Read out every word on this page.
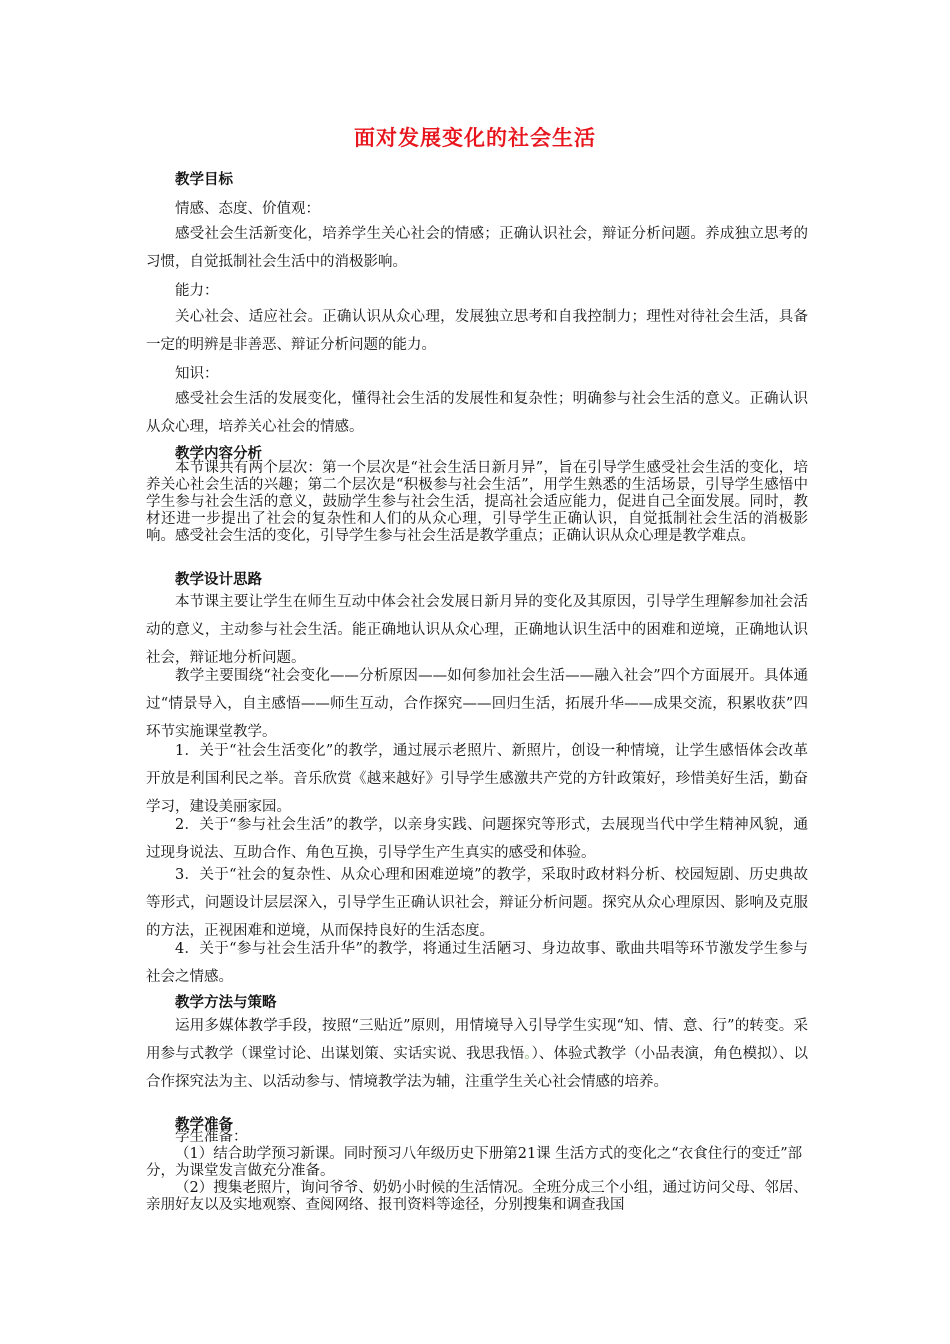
面对发展变化的社会生活
教学目标
情感、态度、价值观：

感受社会生活新变化，培养学生关心社会的情感；正确认识社会，辩证分析问题。养成独立思考的习惯，自觉抵制社会生活中的消极影响。

能力：

关心社会、适应社会。正确认识从众心理，发展独立思考和自我控制力；理性对待社会生活，具备一定的明辨是非善恶、辩证分析问题的能力。

知识：

感受社会生活的发展变化，懂得社会生活的发展性和复杂性；明确参与社会生活的意义。正确认识从众心理，培养关心社会的情感。

教学内容分析

本节课共有两个层次：第一个层次是“社会生活日新月异”，旨在引导学生感受社会生活的变化，培养关心社会生活的兴趣；第二个层次是“积极参与社会生活”，用学生熟悉的生活场景，引导学生感悟中学生参与社会生活的意义，鼓励学生参与社会生活，提高社会适应能力，促进自己全面发展。同时，教材还进一步提出了社会的复杂性和人们的从众心理，引导学生正确认识，自觉抵制社会生活的消极影响。感受社会生活的变化，引导学生参与社会生活是教学重点；正确认识从众心理是教学难点。

教学设计思路

本节课主要让学生在师生互动中体会社会发展日新月异的变化及其原因，引导学生理解参加社会活动的意义，主动参与社会生活。能正确地认识从众心理，正确地认识生活中的困难和逆境，正确地认识社会，辩证地分析问题。

教学主要围绕“社会变化——分析原因——如何参加社会生活——融入社会”四个方面展开。具体通过“情景导入，自主感悟——师生互动，合作探究——回归生活，拓展升华——成果交流，积累收获”四环节实施课堂教学。

1．关于“社会生活变化”的教学，通过展示老照片、新照片，创设一种情境，让学生感悟体会改革开放是利国利民之举。音乐欣赏《越来越好》引导学生感激共产党的方针政策好，珍惜美好生活，勤奋学习，建设美丽家园。

2．关于“参与社会生活”的教学，以亲身实践、问题探究等形式，去展现当代中学生精神风貌，通过现身说法、互助合作、角色互换，引导学生产生真实的感受和体验。

3．关于“社会的复杂性、从众心理和困难逆境”的教学，采取时政材料分析、校园短剧、历史典故等形式，问题设计层层深入，引导学生正确认识社会，辩证分析问题。探究从众心理原因、影响及克服的方法，正视困难和逆境，从而保持良好的生活态度。

4．关于“参与社会生活升华”的教学，将通过生活陋习、身边故事、歌曲共唱等环节激发学生参与社会之情感。

教学方法与策略

运用多媒体教学手段，按照“三贴近”原则，用情境导入引导学生实现“知、情、意、行”的转变。采用参与式教学（课堂讨论、出谋划策、实话实说、我思我悟。）、体验式教学（小品表演，角色模拟）、以合作探究法为主、以活动参与、情境教学法为辅，注重学生关心社会情感的培养。

教学准备
学生准备：

（1）结合助学预习新课。同时预习八年级历史下册第21课 生活方式的变化之“衣食住行的变迁”部分，为课堂发言做充分准备。

（2）搜集老照片，询问爷爷、奶奶小时候的生活情况。全班分成三个小组，通过访问父母、邻居、亲朋好友以及实地观察、查阅网络、报刊资料等途径，分别搜集和调查我国
